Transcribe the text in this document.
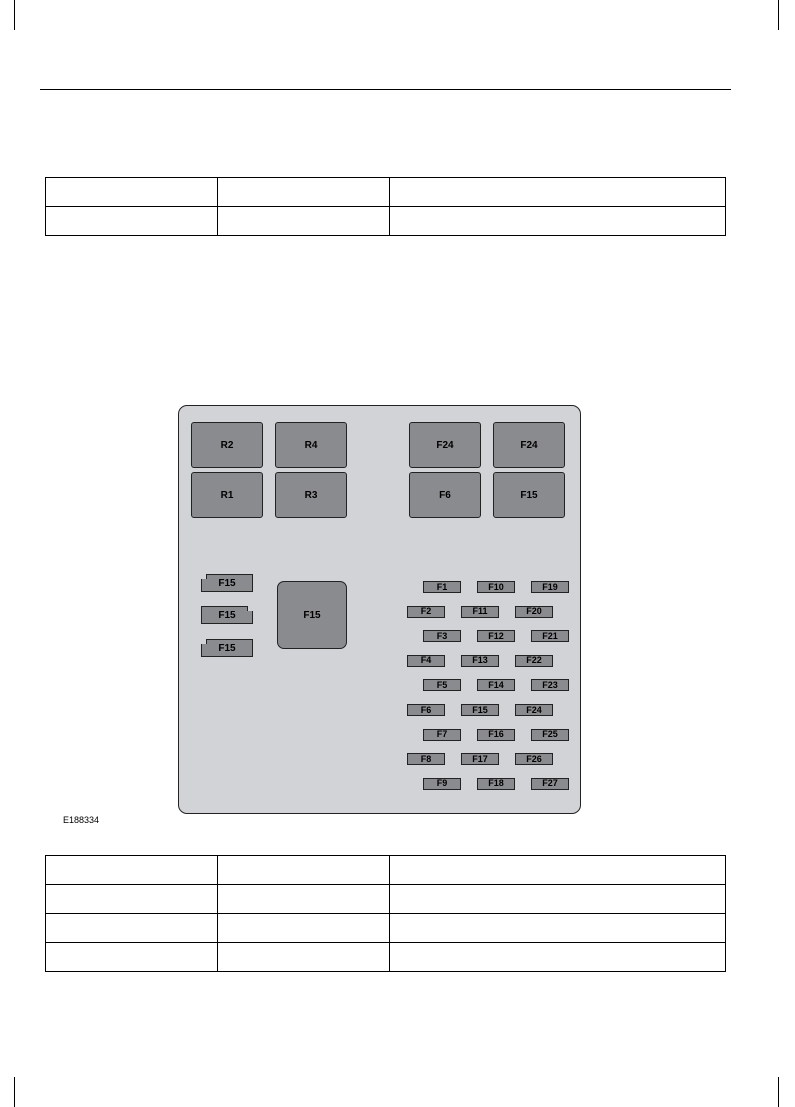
R2	R4	F24	F24
R1	R3	F6	F15
F15
F15
F15
F15
F1	F10	F19
F2	F11	F20
F3	F12	F21
F4	F13	F22
F5	F14	F23
F6	F15	F24
F7	F16	F25
F8	F17	F26
F9	F18	F27
E188334
